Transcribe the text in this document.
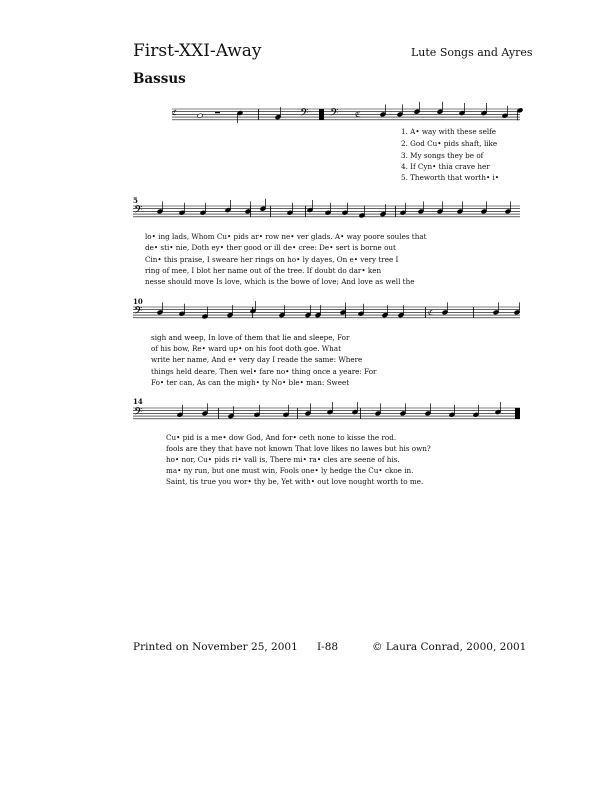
First-XXI-Away	Lute Songs and Ayres
Bassus
ℭ	𝄢 𝄢 ℭ
𝄢
𝄢	ℭ
𝄢
5
10
14
1. A• way with these selfe
2. God Cu• pids shaft, like
3. My songs they be of
4. If Cyn• thia crave her
5. Theworth that worth• i•
lo• ing lads, Whom Cu• pids ar• row ne• ver glads. A• way poore soules that
de• sti• nie, Doth ey• ther good or ill de• cree: De• sert is borne out
Cin• this praise, I sweare her rings on ho• ly dayes, On e• very tree I
ring of mee, I blot her name out of the tree. If doubt do dar• ken
nesse should move Is love, which is the bowe of love; And love as well the
sigh and weep, In love of them that lie and sleepe, For
of his bow, Re• ward up• on his foot doth goe. What
write her name, And e• very day I reade the same: Where
things held deare, Then wel• fare no• thing once a yeare: For
Fo• ter can, As can the migh• ty No• ble• man: Sweet
Cu• pid is a me• dow God, And for• ceth none to kisse the rod.
fools are they that have not known That love likes no lawes but his own?
ho• nor, Cu• pids ri• vall is, There mi• ra• cles are seene of his.
ma• ny run, but one must win, Fools one• ly hedge the Cu• ckoe in.
Saint, tis true you wor• thy be, Yet with• out love nought worth to me.
Printed on November 25, 2001 I-88	© Laura Conrad, 2000, 2001
